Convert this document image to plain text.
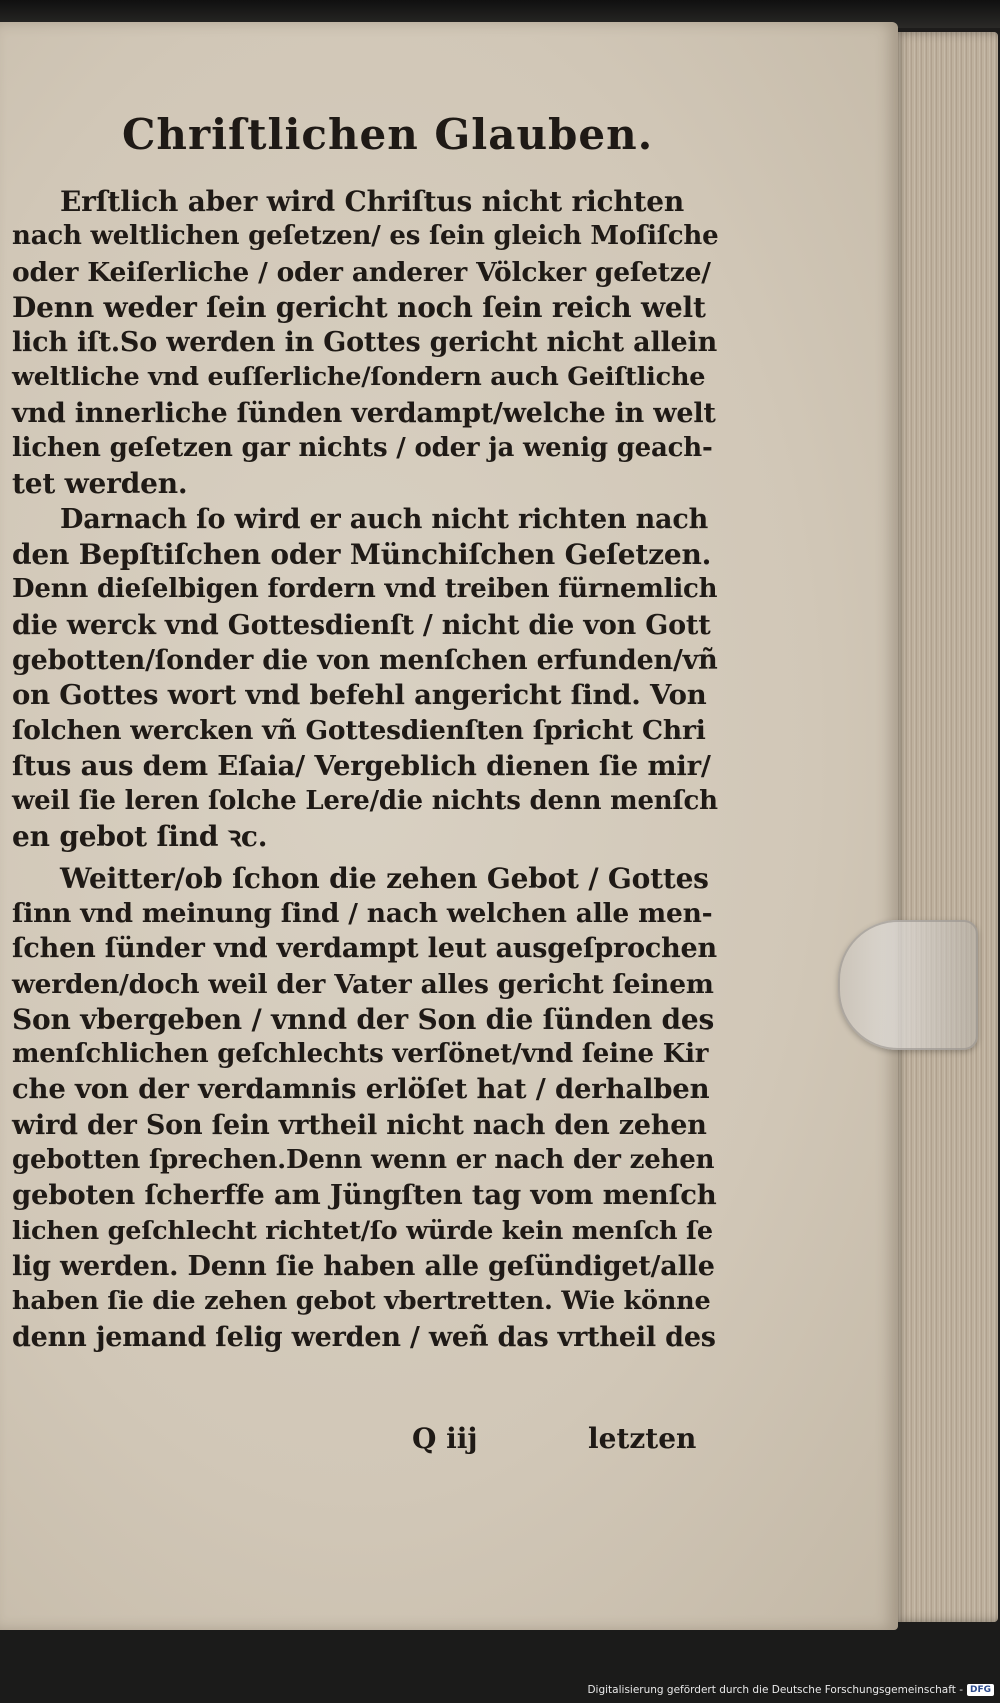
Chriſtlichen Glauben.
Erſtlich aber wird Chriſtus nicht richten
nach weltlichen geſetzen/ es ſein gleich Moſiſche
oder Keiſerliche / oder anderer Völcker geſetze/
Denn weder ſein gericht noch ſein reich welt
lich iſt.So werden in Gottes gericht nicht allein
weltliche vnd euſſerliche/ſondern auch Geiſtliche
vnd innerliche ſünden verdampt/welche in welt
lichen geſetzen gar nichts / oder ja wenig geach-
tet werden.
Darnach ſo wird er auch nicht richten nach
den Bepſtiſchen oder Münchiſchen Geſetzen.
Denn dieſelbigen fordern vnd treiben fürnemlich
die werck vnd Gottesdienſt / nicht die von Gott
gebotten/ſonder die von menſchen erfunden/vñ
on Gottes wort vnd befehl angericht ſind. Von
ſolchen wercken vñ Gottesdienſten ſpricht Chri
ſtus aus dem Eſaia/ Vergeblich dienen ſie mir/
weil ſie leren ſolche Lere/die nichts denn menſch
en gebot ſind ꝛc.
Weitter/ob ſchon die zehen Gebot / Gottes
ſinn vnd meinung ſind / nach welchen alle men-
ſchen ſünder vnd verdampt leut ausgeſprochen
werden/doch weil der Vater alles gericht ſeinem
Son vbergeben / vnnd der Son die ſünden des
menſchlichen geſchlechts verſönet/vnd ſeine Kir
che von der verdamnis erlöſet hat / derhalben
wird der Son ſein vrtheil nicht nach den zehen
gebotten ſprechen.Denn wenn er nach der zehen
geboten ſcherffe am Jüngſten tag vom menſch
lichen geſchlecht richtet/ſo würde kein menſch ſe
lig werden. Denn ſie haben alle geſündiget/alle
haben ſie die zehen gebot vbertretten. Wie könne
denn jemand ſelig werden / weñ das vrtheil des
Q iij	letzten
Digitalisierung gefördert durch die Deutsche Forschungsgemeinschaft - DFG
